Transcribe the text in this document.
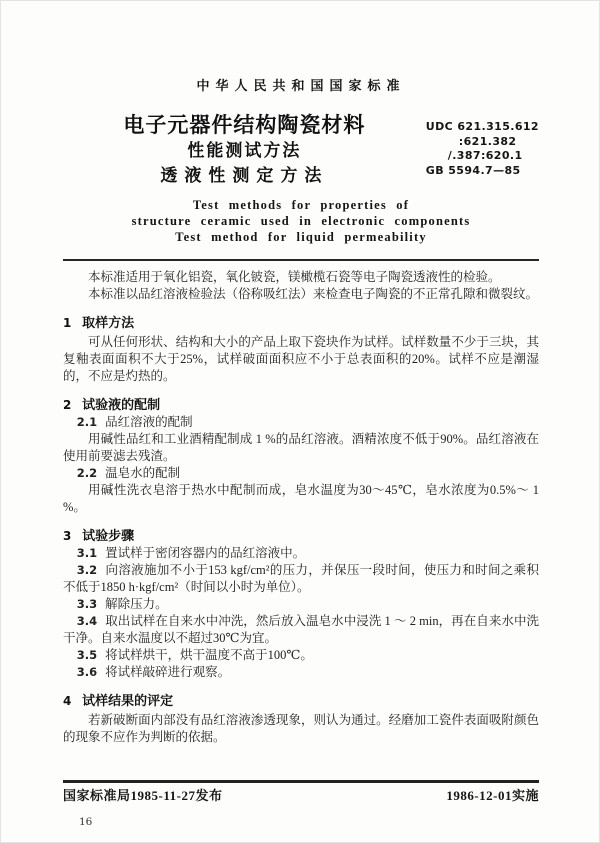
中华人民共和国国家标准
电子元器件结构陶瓷材料
性能测试方法
透液性测定方法
UDC 621.315.612
:621.382
/.387:620.1
GB 5594.7—85
Test methods for properties of
structure ceramic used in electronic components
Test method for liquid permeability

本标准适用于氧化铝瓷，氧化铍瓷，镁橄榄石瓷等电子陶瓷透液性的检验。

本标准以品红溶液检验法（俗称吸红法）来检查电子陶瓷的不正常孔隙和微裂纹。

1 取样方法

可从任何形状、结构和大小的产品上取下瓷块作为试样。试样数量不少于三块，其复釉表面面积不大于25%，试样破面面积应不小于总表面积的20%。试样不应是潮湿的，不应是灼热的。

2 试验液的配制

2.1 品红溶液的配制

用碱性品红和工业酒精配制成 1 %的品红溶液。酒精浓度不低于90%。品红溶液在使用前要滤去残渣。

2.2 温皂水的配制

用碱性洗衣皂溶于热水中配制而成，皂水温度为30～45℃，皂水浓度为0.5%～ 1 %。

3 试验步骤

3.1 置试样于密闭容器内的品红溶液中。

3.2 向溶液施加不小于153 kgf/cm²的压力，并保压一段时间，使压力和时间之乘积不低于1850 h·kgf/cm²（时间以小时为单位）。

3.3 解除压力。

3.4 取出试样在自来水中冲洗，然后放入温皂水中浸洗 1 ～ 2 min，再在自来水中洗干净。自来水温度以不超过30℃为宜。

3.5 将试样烘干，烘干温度不高于100℃。

3.6 将试样敲碎进行观察。

4 试样结果的评定

若新破断面内部没有品红溶液渗透现象，则认为通过。经磨加工瓷件表面吸附颜色的现象不应作为判断的依据。

国家标准局1985-11-27发布	1986-12-01实施
16
